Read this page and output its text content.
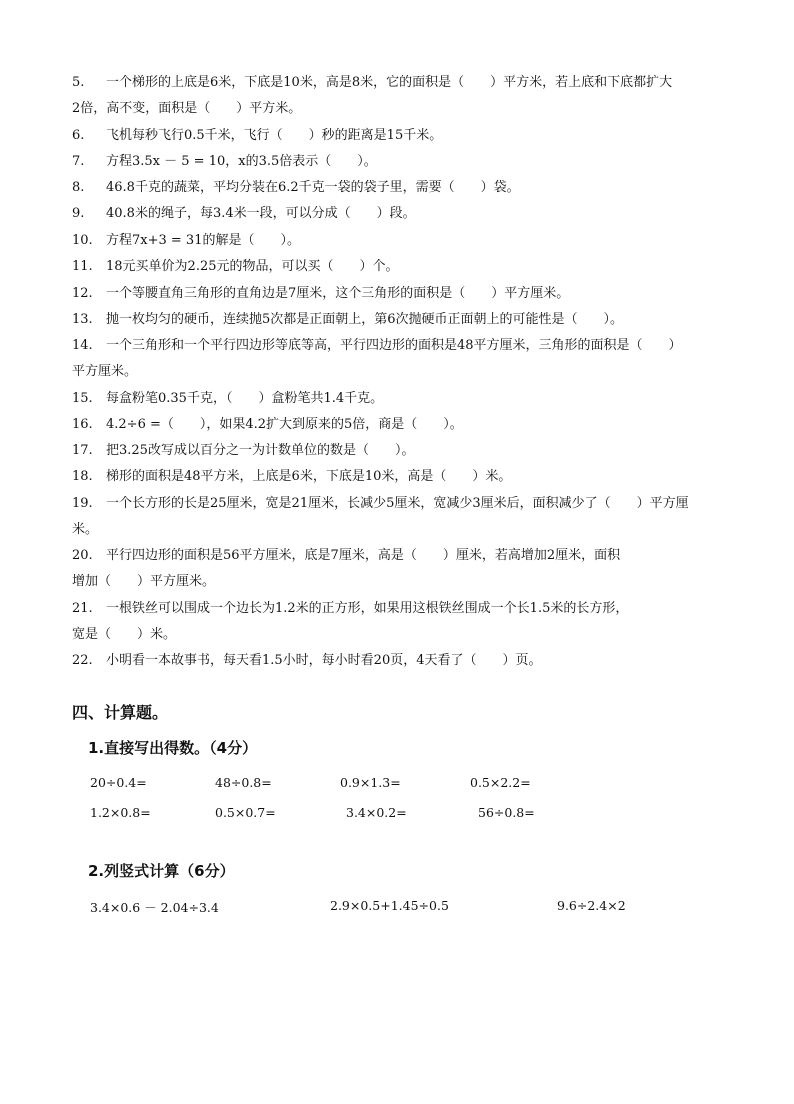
5. 一个梯形的上底是6米，下底是10米，高是8米，它的面积是（　　）平方米，若上底和下底都扩大
2倍，高不变，面积是（　　）平方米。
6. 飞机每秒飞行0.5千米，飞行（　　）秒的距离是15千米。
7. 方程3.5x － 5 = 10，x的3.5倍表示（　　）。
8. 46.8千克的蔬菜，平均分装在6.2千克一袋的袋子里，需要（　　）袋。
9. 40.8米的绳子，每3.4米一段，可以分成（　　）段。
10. 方程7x+3 = 31的解是（　　）。
11. 18元买单价为2.25元的物品，可以买（　　）个。
12. 一个等腰直角三角形的直角边是7厘米，这个三角形的面积是（　　）平方厘米。
13. 抛一枚均匀的硬币，连续抛5次都是正面朝上，第6次抛硬币正面朝上的可能性是（　　）。
14. 一个三角形和一个平行四边形等底等高，平行四边形的面积是48平方厘米，三角形的面积是（　　）
平方厘米。
15. 每盒粉笔0.35千克，（　　）盒粉笔共1.4千克。
16. 4.2÷6 =（　　），如果4.2扩大到原来的5倍，商是（　　）。
17. 把3.25改写成以百分之一为计数单位的数是（　　）。
18. 梯形的面积是48平方米，上底是6米，下底是10米，高是（　　）米。
19. 一个长方形的长是25厘米，宽是21厘米，长减少5厘米，宽减少3厘米后，面积减少了（　　）平方厘
米。
20. 平行四边形的面积是56平方厘米，底是7厘米，高是（　　）厘米，若高增加2厘米，面积
增加（　　）平方厘米。
21. 一根铁丝可以围成一个边长为1.2米的正方形，如果用这根铁丝围成一个长1.5米的长方形，
宽是（　　）米。
22. 小明看一本故事书，每天看1.5小时，每小时看20页，4天看了（　　）页。
四、计算题。
1.直接写出得数。（4分）
20÷0.4=	48÷0.8=	0.9×1.3=	0.5×2.2=
1.2×0.8=	0.5×0.7=	3.4×0.2=	56÷0.8=
2.列竖式计算（6分）
3.4×0.6 － 2.04÷3.4	2.9×0.5+1.45÷0.5	9.6÷2.4×2
